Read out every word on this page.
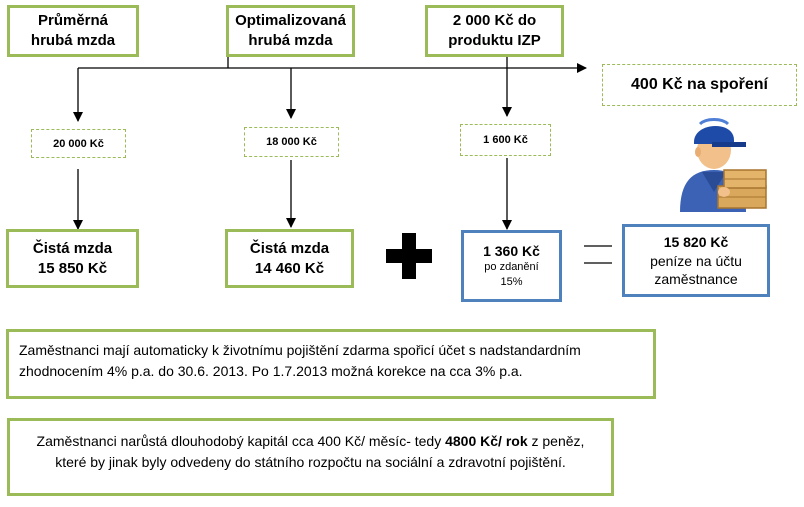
Průměrná
hrubá mzda
Optimalizovaná
hrubá mzda
2 000 Kč do
produktu IZP
400 Kč na spoření
20 000 Kč	18 000 Kč	1 600 Kč
Čistá mzda
15 850 Kč
Čistá mzda
14 460 Kč
1 360 Kč
po zdanění
15%
15 820 Kč
peníze na účtu
zaměstnance
Zaměstnanci mají automaticky k životnímu pojištění zdarma spořicí účet s nadstandardním
zhodnocením 4% p.a. do 30.6. 2013. Po 1.7.2013 možná korekce na cca 3% p.a.
Zaměstnanci narůstá dlouhodobý kapitál cca 400 Kč/ měsíc- tedy 4800 Kč/ rok z peněz,
které by jinak byly odvedeny do státního rozpočtu na sociální a zdravotní pojištění.
